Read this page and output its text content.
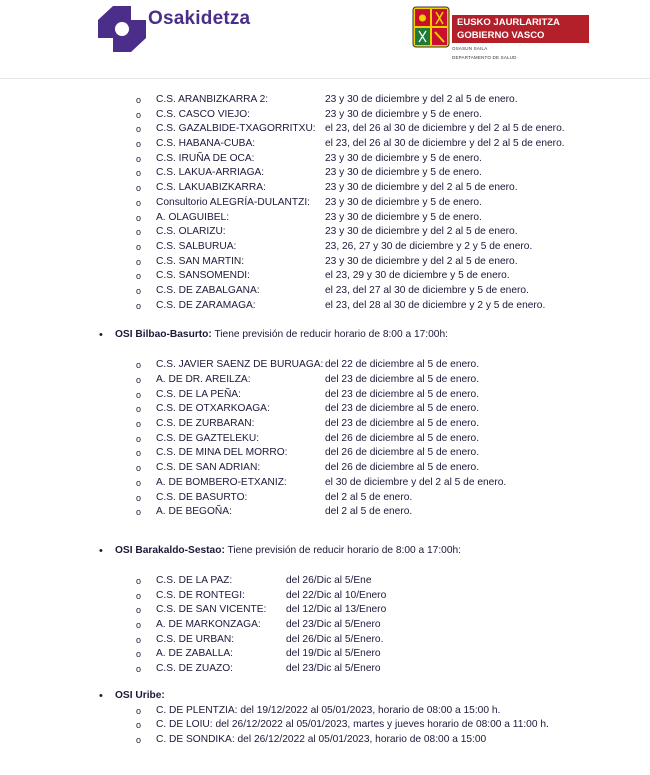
Osakidetza	EUSKO JAURLARITZA
GOBIERNO VASCO
OSASUN SAILA
DEPARTAMENTO DE SALUD
o C.S. ARANBIZKARRA 2:	23 y 30 de diciembre y del 2 al 5 de enero.
o C.S. CASCO VIEJO:	23 y 30 de diciembre y 5 de enero.
o C.S. GAZALBIDE-TXAGORRITXU: el 23, del 26 al 30 de diciembre y del 2 al 5 de enero.
o C.S. HABANA-CUBA:	el 23, del 26 al 30 de diciembre y del 2 al 5 de enero.
o C.S. IRUÑA DE OCA:	23 y 30 de diciembre y 5 de enero.
o C.S. LAKUA-ARRIAGA:	23 y 30 de diciembre y 5 de enero.
o C.S. LAKUABIZKARRA:	23 y 30 de diciembre y del 2 al 5 de enero.
o Consultorio ALEGRÍA-DULANTZI: 23 y 30 de diciembre y 5 de enero.
o A. OLAGUIBEL:	23 y 30 de diciembre y 5 de enero.
o C.S. OLARIZU:	23 y 30 de diciembre y del 2 al 5 de enero.
o C.S. SALBURUA:	23, 26, 27 y 30 de diciembre y 2 y 5 de enero.
o C.S. SAN MARTIN:	23 y 30 de diciembre y del 2 al 5 de enero.
o C.S. SANSOMENDI:	el 23, 29 y 30 de diciembre y 5 de enero.
o C.S. DE ZABALGANA:	el 23, del 27 al 30 de diciembre y 5 de enero.
o C.S. DE ZARAMAGA:	el 23, del 28 al 30 de diciembre y 2 y 5 de enero.
• OSI Bilbao-Basurto: Tiene previsión de reducir horario de 8:00 a 17:00h:
o C.S. JAVIER SAENZ DE BURUAGA: del 22 de diciembre al 5 de enero.
o A. DE DR. AREILZA:	del 23 de diciembre al 5 de enero.
o C.S. DE LA PEÑA:	del 23 de diciembre al 5 de enero.
o C.S. DE OTXARKOAGA:	del 23 de diciembre al 5 de enero.
o C.S. DE ZURBARAN:	del 23 de diciembre al 5 de enero.
o C.S. DE GAZTELEKU:	del 26 de diciembre al 5 de enero.
o C.S. DE MINA DEL MORRO:	del 26 de diciembre al 5 de enero.
o C.S. DE SAN ADRIAN:	del 26 de diciembre al 5 de enero.
o A. DE BOMBERO-ETXANIZ:	el 30 de diciembre y del 2 al 5 de enero.
o C.S. DE BASURTO:	del 2 al 5 de enero.
o A. DE BEGOÑA:	del 2 al 5 de enero.
• OSI Barakaldo-Sestao: Tiene previsión de reducir horario de 8:00 a 17:00h:
o C.S. DE LA PAZ:	del 26/Dic al 5/Ene
o C.S. DE RONTEGI:	del 22/Dic al 10/Enero
o C.S. DE SAN VICENTE: del 12/Dic al 13/Enero
o A. DE MARKONZAGA: del 23/Dic al 5/Enero
o C.S. DE URBAN:	del 26/Dic al 5/Enero.
o A. DE ZABALLA:	del 19/Dic al 5/Enero
o C.S. DE ZUAZO:	del 23/Dic al 5/Enero
• OSI Uribe:
o C. DE PLENTZIA: del 19/12/2022 al 05/01/2023, horario de 08:00 a 15:00 h.
o C. DE LOIU: del 26/12/2022 al 05/01/2023, martes y jueves horario de 08:00 a 11:00 h.
o C. DE SONDIKA: del 26/12/2022 al 05/01/2023, horario de 08:00 a 15:00
